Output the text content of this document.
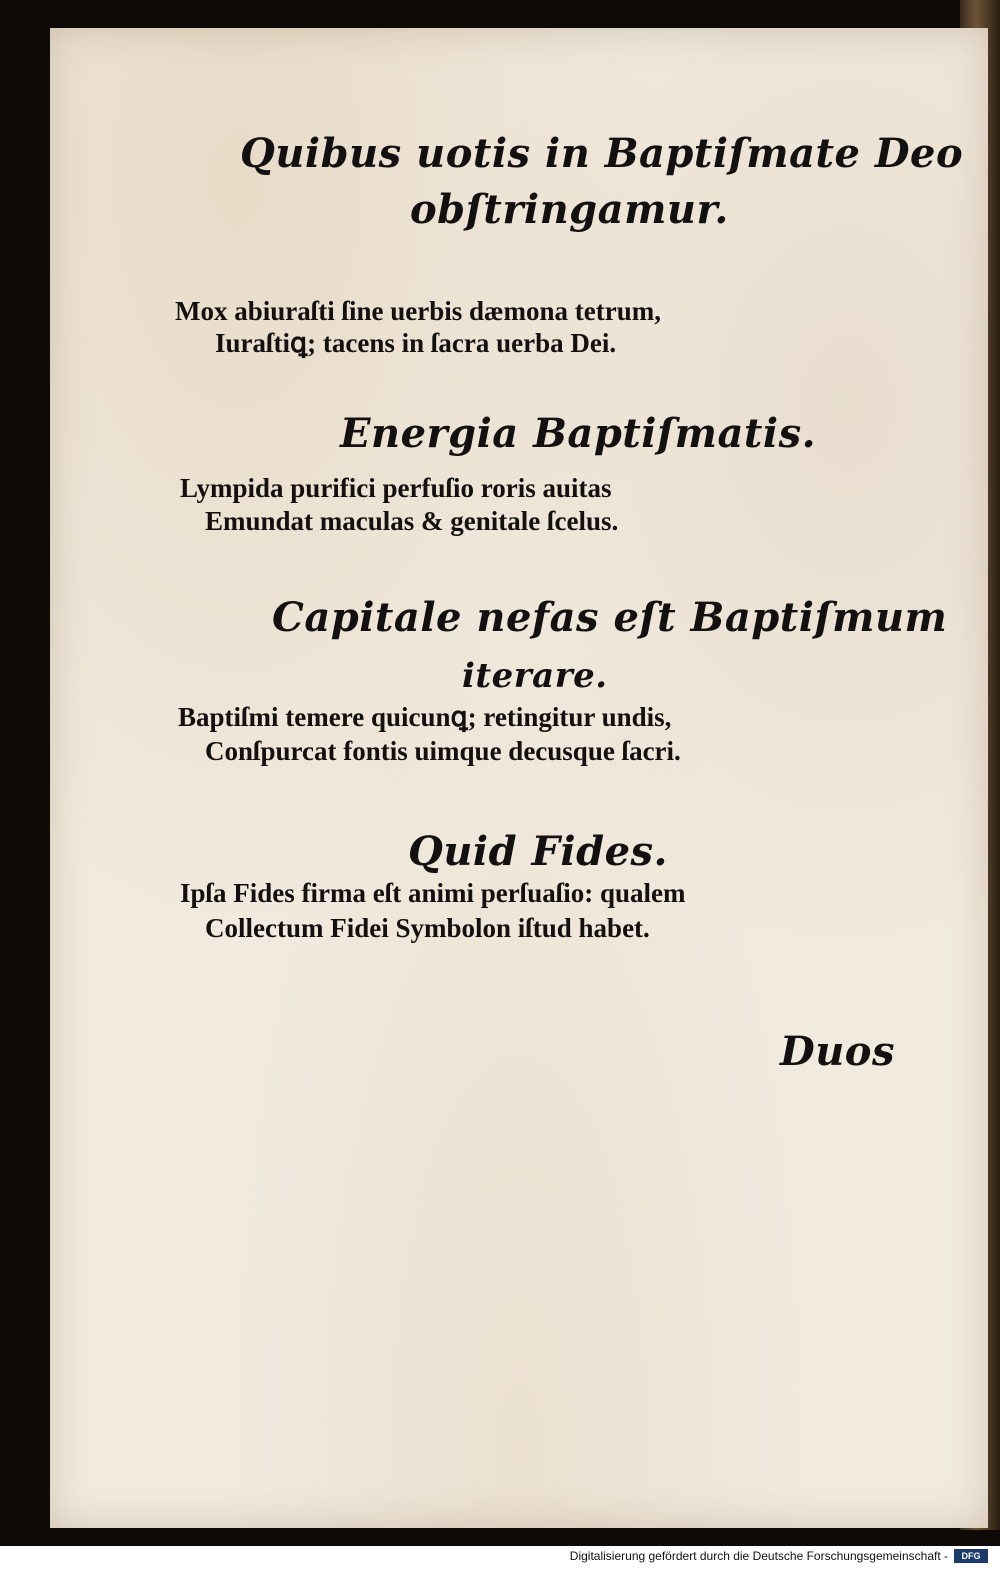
Quibus uotis in Baptiſmate Deo
obſtringamur.

Mox abiuraſti ſine uerbis dæmona tetrum,

Iuraſtiꝗ; tacens in ſacra uerba Dei.

Energia Baptiſmatis.

Lympida purifici perfuſio roris auitas

Emundat maculas & genitale ſcelus.

Capitale nefas eſt Baptiſmum
iterare.

Baptiſmi temere quicunꝗ; retingitur undis,

Conſpurcat fontis uimque decusque ſacri.

Quid Fides.

Ipſa Fides firma eſt animi perſuaſio: qualem

Collectum Fidei Symbolon iſtud habet.

Duos
Digitalisierung gefördert durch die Deutsche Forschungsgemeinschaft -	DFG
